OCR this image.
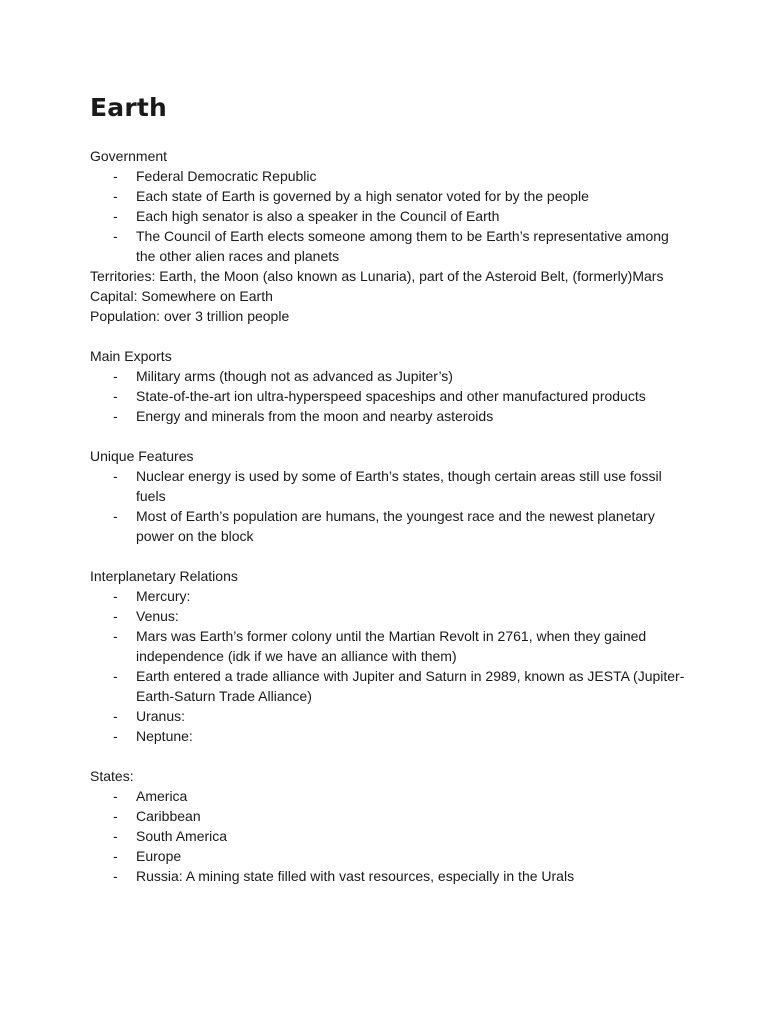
Earth

Government

- Federal Democratic Republic
- Each state of Earth is governed by a high senator voted for by the people
- Each high senator is also a speaker in the Council of Earth
- The Council of Earth elects someone among them to be Earth’s representative among the other alien races and planets

Territories: Earth, the Moon (also known as Lunaria), part of the Asteroid Belt, (formerly)Mars

Capital: Somewhere on Earth

Population: over 3 trillion people

Main Exports

- Military arms (though not as advanced as Jupiter’s)
- State-of-the-art ion ultra-hyperspeed spaceships and other manufactured products
- Energy and minerals from the moon and nearby asteroids

Unique Features

- Nuclear energy is used by some of Earth’s states, though certain areas still use fossil fuels
- Most of Earth’s population are humans, the youngest race and the newest planetary power on the block

Interplanetary Relations

- Mercury:
- Venus:
- Mars was Earth’s former colony until the Martian Revolt in 2761, when they gained independence (idk if we have an alliance with them)
- Earth entered a trade alliance with Jupiter and Saturn in 2989, known as JESTA (Jupiter-Earth-Saturn Trade Alliance)
- Uranus:
- Neptune:

States:

- America
- Caribbean
- South America
- Europe
- Russia: A mining state filled with vast resources, especially in the Urals
